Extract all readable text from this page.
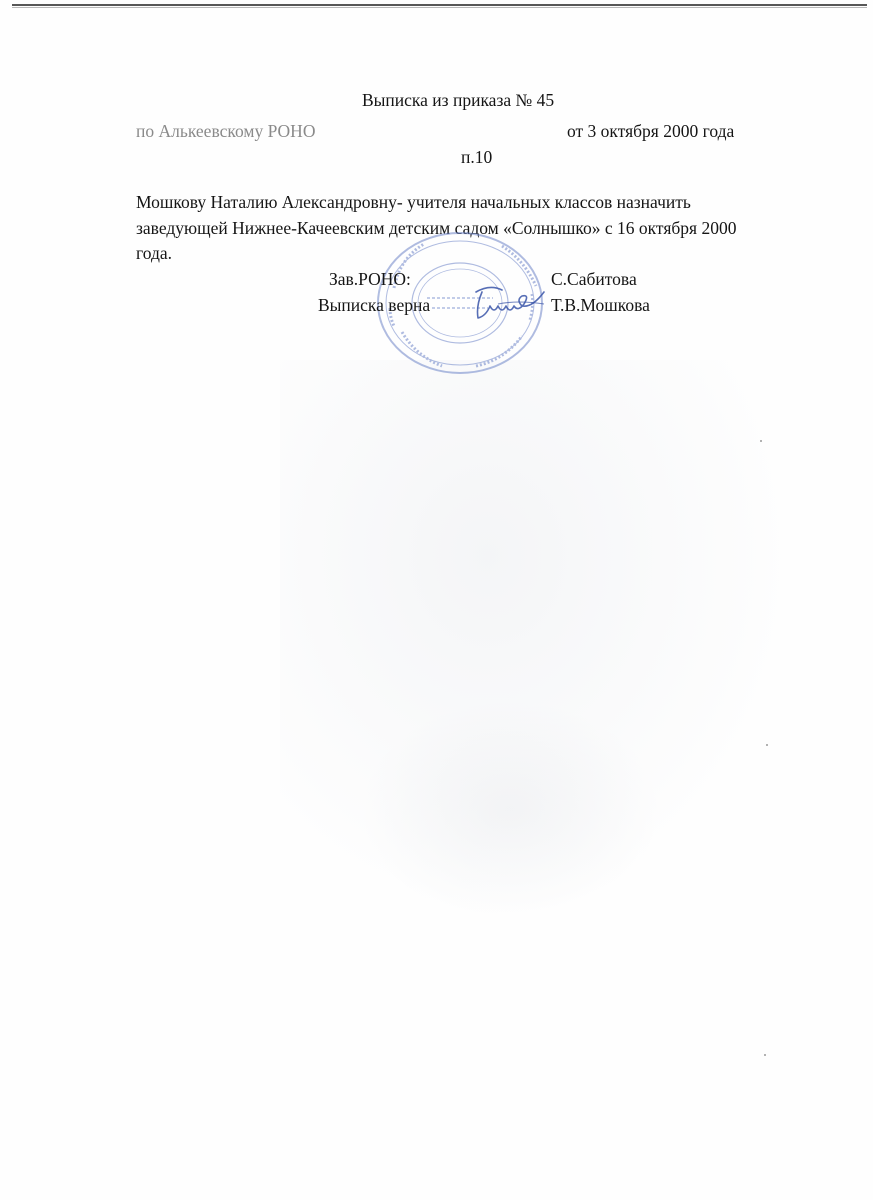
Выписка из приказа № 45
по Алькеевскому РОНО	от 3 октября 2000 года
п.10
Мошкову Наталию Александровну- учителя начальных классов назначить
заведующей Нижнее-Качеевским детским садом «Солнышко» с 16 октября 2000
года.
Зав.РОНО:	С.Сабитова
Выписка верна	Т.В.Мошкова
